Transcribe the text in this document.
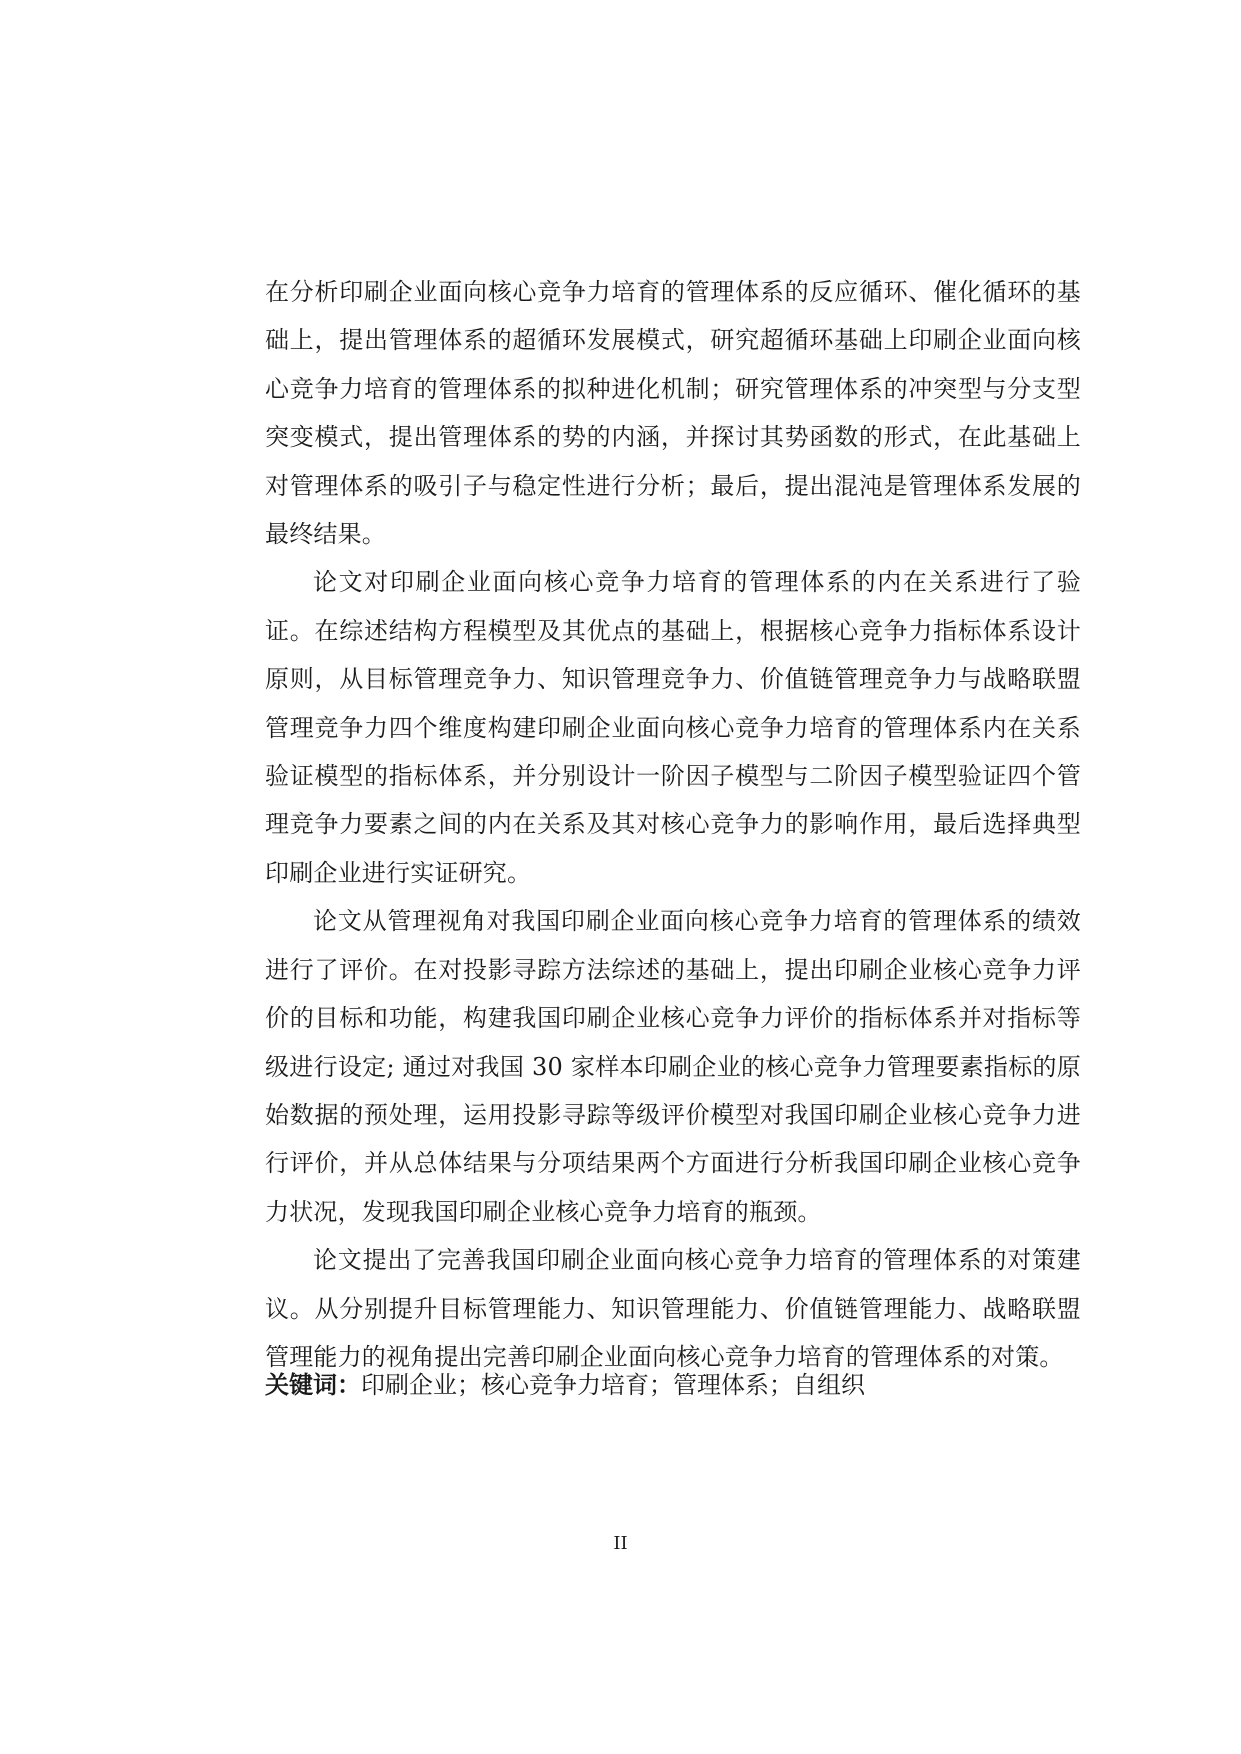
在分析印刷企业面向核心竞争力培育的管理体系的反应循环、催化循环的基础上，提出管理体系的超循环发展模式，研究超循环基础上印刷企业面向核心竞争力培育的管理体系的拟种进化机制；研究管理体系的冲突型与分支型突变模式，提出管理体系的势的内涵，并探讨其势函数的形式，在此基础上对管理体系的吸引子与稳定性进行分析；最后，提出混沌是管理体系发展的最终结果。

论文对印刷企业面向核心竞争力培育的管理体系的内在关系进行了验证。在综述结构方程模型及其优点的基础上，根据核心竞争力指标体系设计原则，从目标管理竞争力、知识管理竞争力、价值链管理竞争力与战略联盟管理竞争力四个维度构建印刷企业面向核心竞争力培育的管理体系内在关系验证模型的指标体系，并分别设计一阶因子模型与二阶因子模型验证四个管理竞争力要素之间的内在关系及其对核心竞争力的影响作用，最后选择典型印刷企业进行实证研究。

论文从管理视角对我国印刷企业面向核心竞争力培育的管理体系的绩效进行了评价。在对投影寻踪方法综述的基础上，提出印刷企业核心竞争力评价的目标和功能，构建我国印刷企业核心竞争力评价的指标体系并对指标等级进行设定; 通过对我国 30 家样本印刷企业的核心竞争力管理要素指标的原始数据的预处理，运用投影寻踪等级评价模型对我国印刷企业核心竞争力进行评价，并从总体结果与分项结果两个方面进行分析我国印刷企业核心竞争力状况，发现我国印刷企业核心竞争力培育的瓶颈。

论文提出了完善我国印刷企业面向核心竞争力培育的管理体系的对策建议。从分别提升目标管理能力、知识管理能力、价值链管理能力、战略联盟管理能力的视角提出完善印刷企业面向核心竞争力培育的管理体系的对策。

关键词：印刷企业；核心竞争力培育；管理体系；自组织
II
